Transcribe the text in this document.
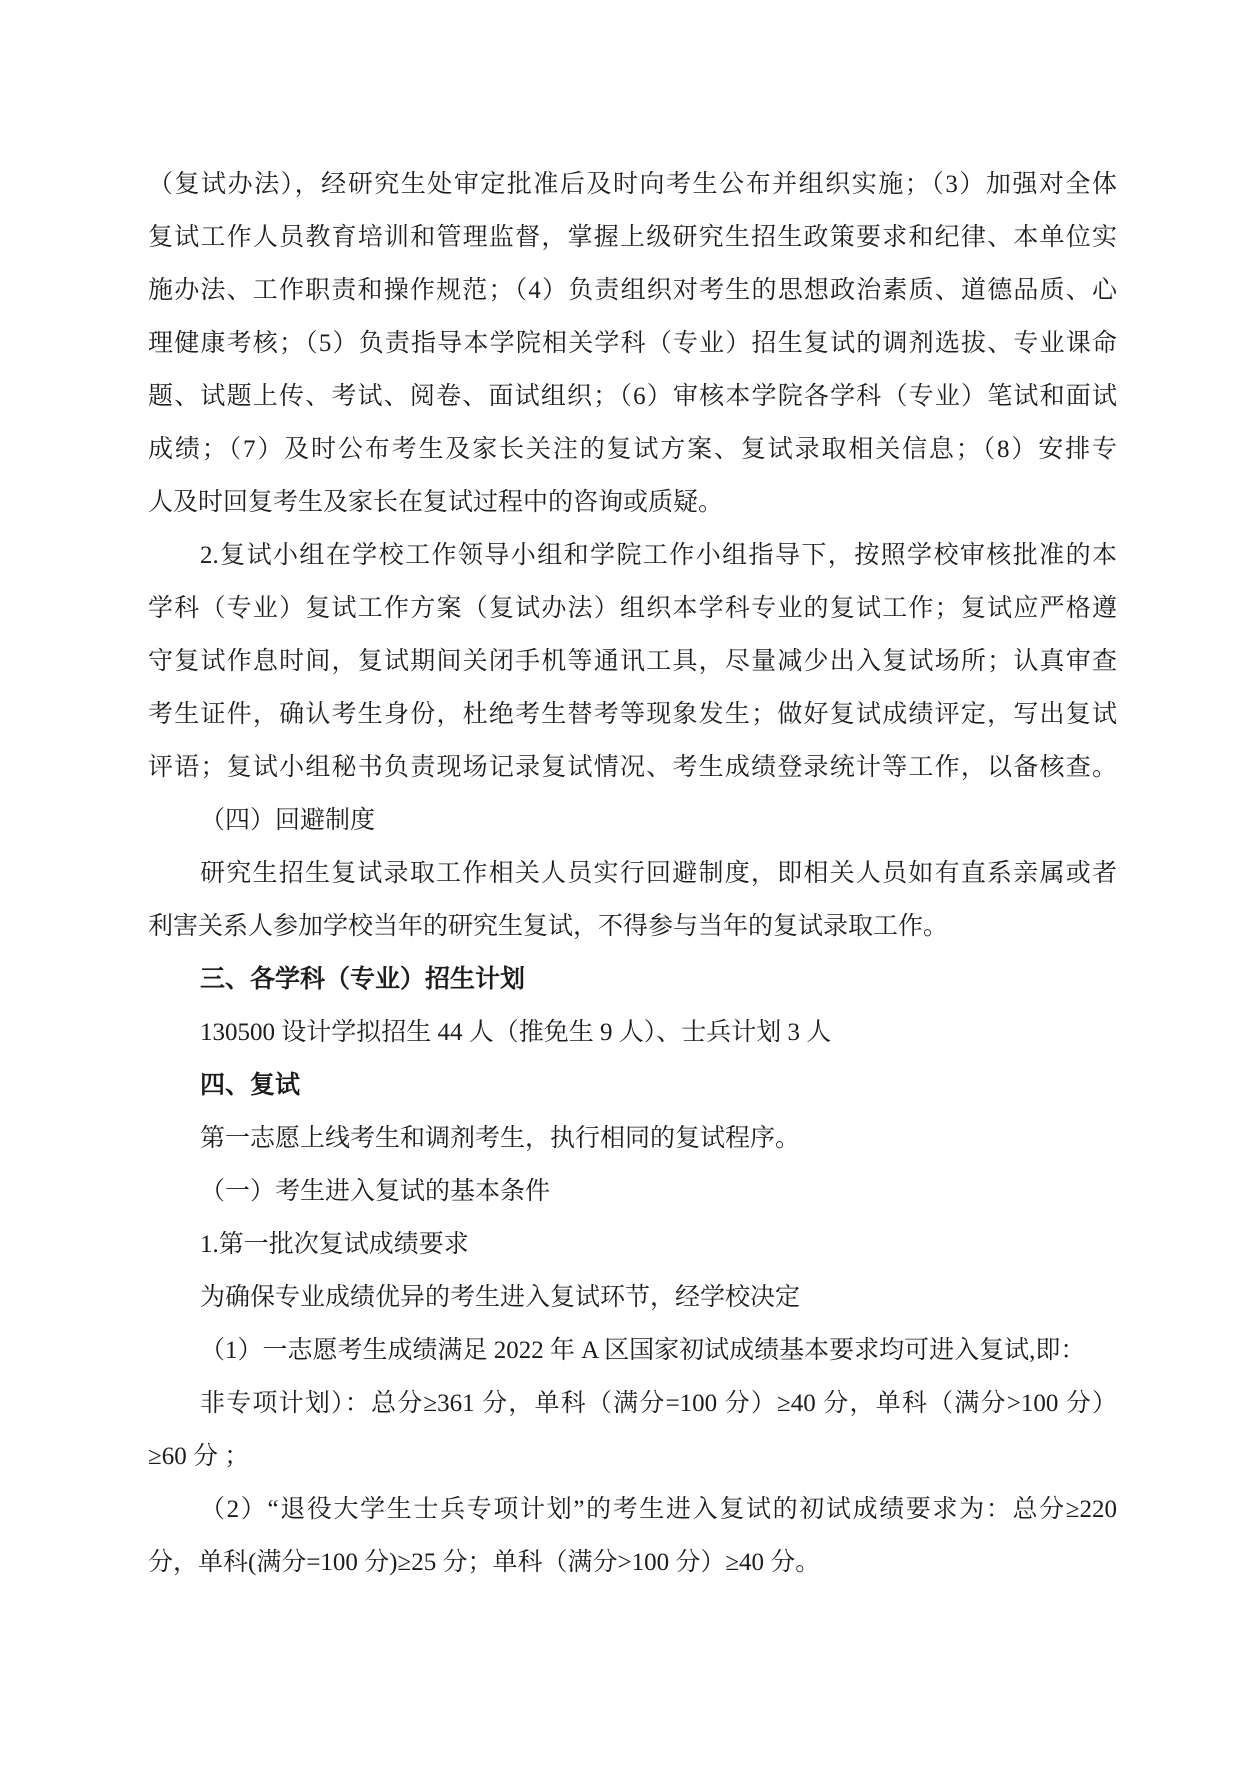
（复试办法），经研究生处审定批准后及时向考生公布并组织实施；（3）加强对全体
复试工作人员教育培训和管理监督，掌握上级研究生招生政策要求和纪律、本单位实
施办法、工作职责和操作规范；（4）负责组织对考生的思想政治素质、道德品质、心
理健康考核；（5）负责指导本学院相关学科（专业）招生复试的调剂选拔、专业课命
题、试题上传、考试、阅卷、面试组织；（6）审核本学院各学科（专业）笔试和面试
成绩；（7）及时公布考生及家长关注的复试方案、复试录取相关信息；（8）安排专
人及时回复考生及家长在复试过程中的咨询或质疑。
2.复试小组在学校工作领导小组和学院工作小组指导下，按照学校审核批准的本
学科（专业）复试工作方案（复试办法）组织本学科专业的复试工作；复试应严格遵
守复试作息时间，复试期间关闭手机等通讯工具，尽量减少出入复试场所；认真审查
考生证件，确认考生身份，杜绝考生替考等现象发生；做好复试成绩评定，写出复试
评语；复试小组秘书负责现场记录复试情况、考生成绩登录统计等工作，以备核查。
（四）回避制度
研究生招生复试录取工作相关人员实行回避制度，即相关人员如有直系亲属或者
利害关系人参加学校当年的研究生复试，不得参与当年的复试录取工作。
三、各学科（专业）招生计划
130500 设计学拟招生 44 人（推免生 9 人）、士兵计划 3 人
四、复试
第一志愿上线考生和调剂考生，执行相同的复试程序。
（一）考生进入复试的基本条件
1.第一批次复试成绩要求
为确保专业成绩优异的考生进入复试环节，经学校决定
（1）一志愿考生成绩满足 2022 年 A 区国家初试成绩基本要求均可进入复试,即：
非专项计划）：总分≥361 分，单科（满分=100 分）≥40 分，单科（满分>100 分）
≥60 分 ；
（2）“退役大学生士兵专项计划”的考生进入复试的初试成绩要求为：总分≥220
分，单科(满分=100 分)≥25 分；单科（满分>100 分）≥40 分。
